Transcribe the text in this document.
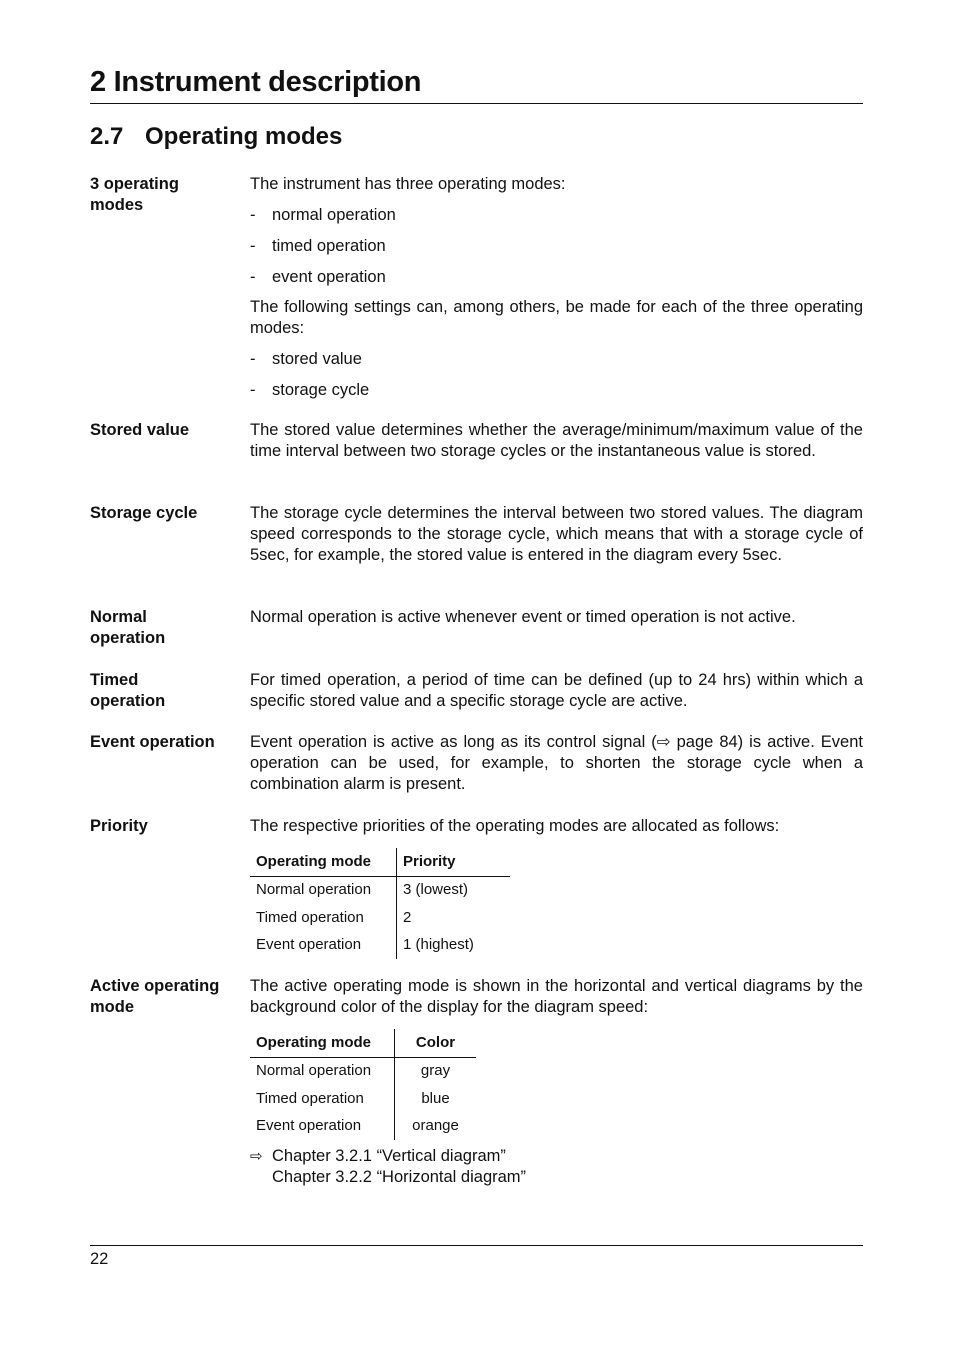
2 Instrument description
2.7 Operating modes
3 operating modes

The instrument has three operating modes:

- normal operation
- timed operation
- event operation

The following settings can, among others, be made for each of the three operating modes:

- stored value
- storage cycle
Stored value	The stored value determines whether the average/minimum/maximum value of the time interval between two storage cycles or the instantaneous value is stored.

Storage cycle	The storage cycle determines the interval between two stored values. The diagram speed corresponds to the storage cycle, which means that with a storage cycle of 5sec, for example, the stored value is entered in the diagram every 5sec.

Normal operation

Normal operation is active whenever event or timed operation is not active.

Timed operation

For timed operation, a period of time can be defined (up to 24 hrs) within which a specific stored value and a specific storage cycle are active.

Event operation	Event operation is active as long as its control signal (⇨ page 84) is active. Event operation can be used, for example, to shorten the storage cycle when a combination alarm is present.

Priority	The respective priorities of the operating modes are allocated as follows:

Operating mode	Priority
Normal operation	3 (lowest)
Timed operation	2
Event operation	1 (highest)
Active operating mode

The active operating mode is shown in the horizontal and vertical diagrams by the background color of the display for the diagram speed:

Operating mode	Color
Normal operation	gray
Timed operation	blue
Event operation	orange
⇨ Chapter 3.2.1 “Vertical diagram”
Chapter 3.2.2 “Horizontal diagram”
22
